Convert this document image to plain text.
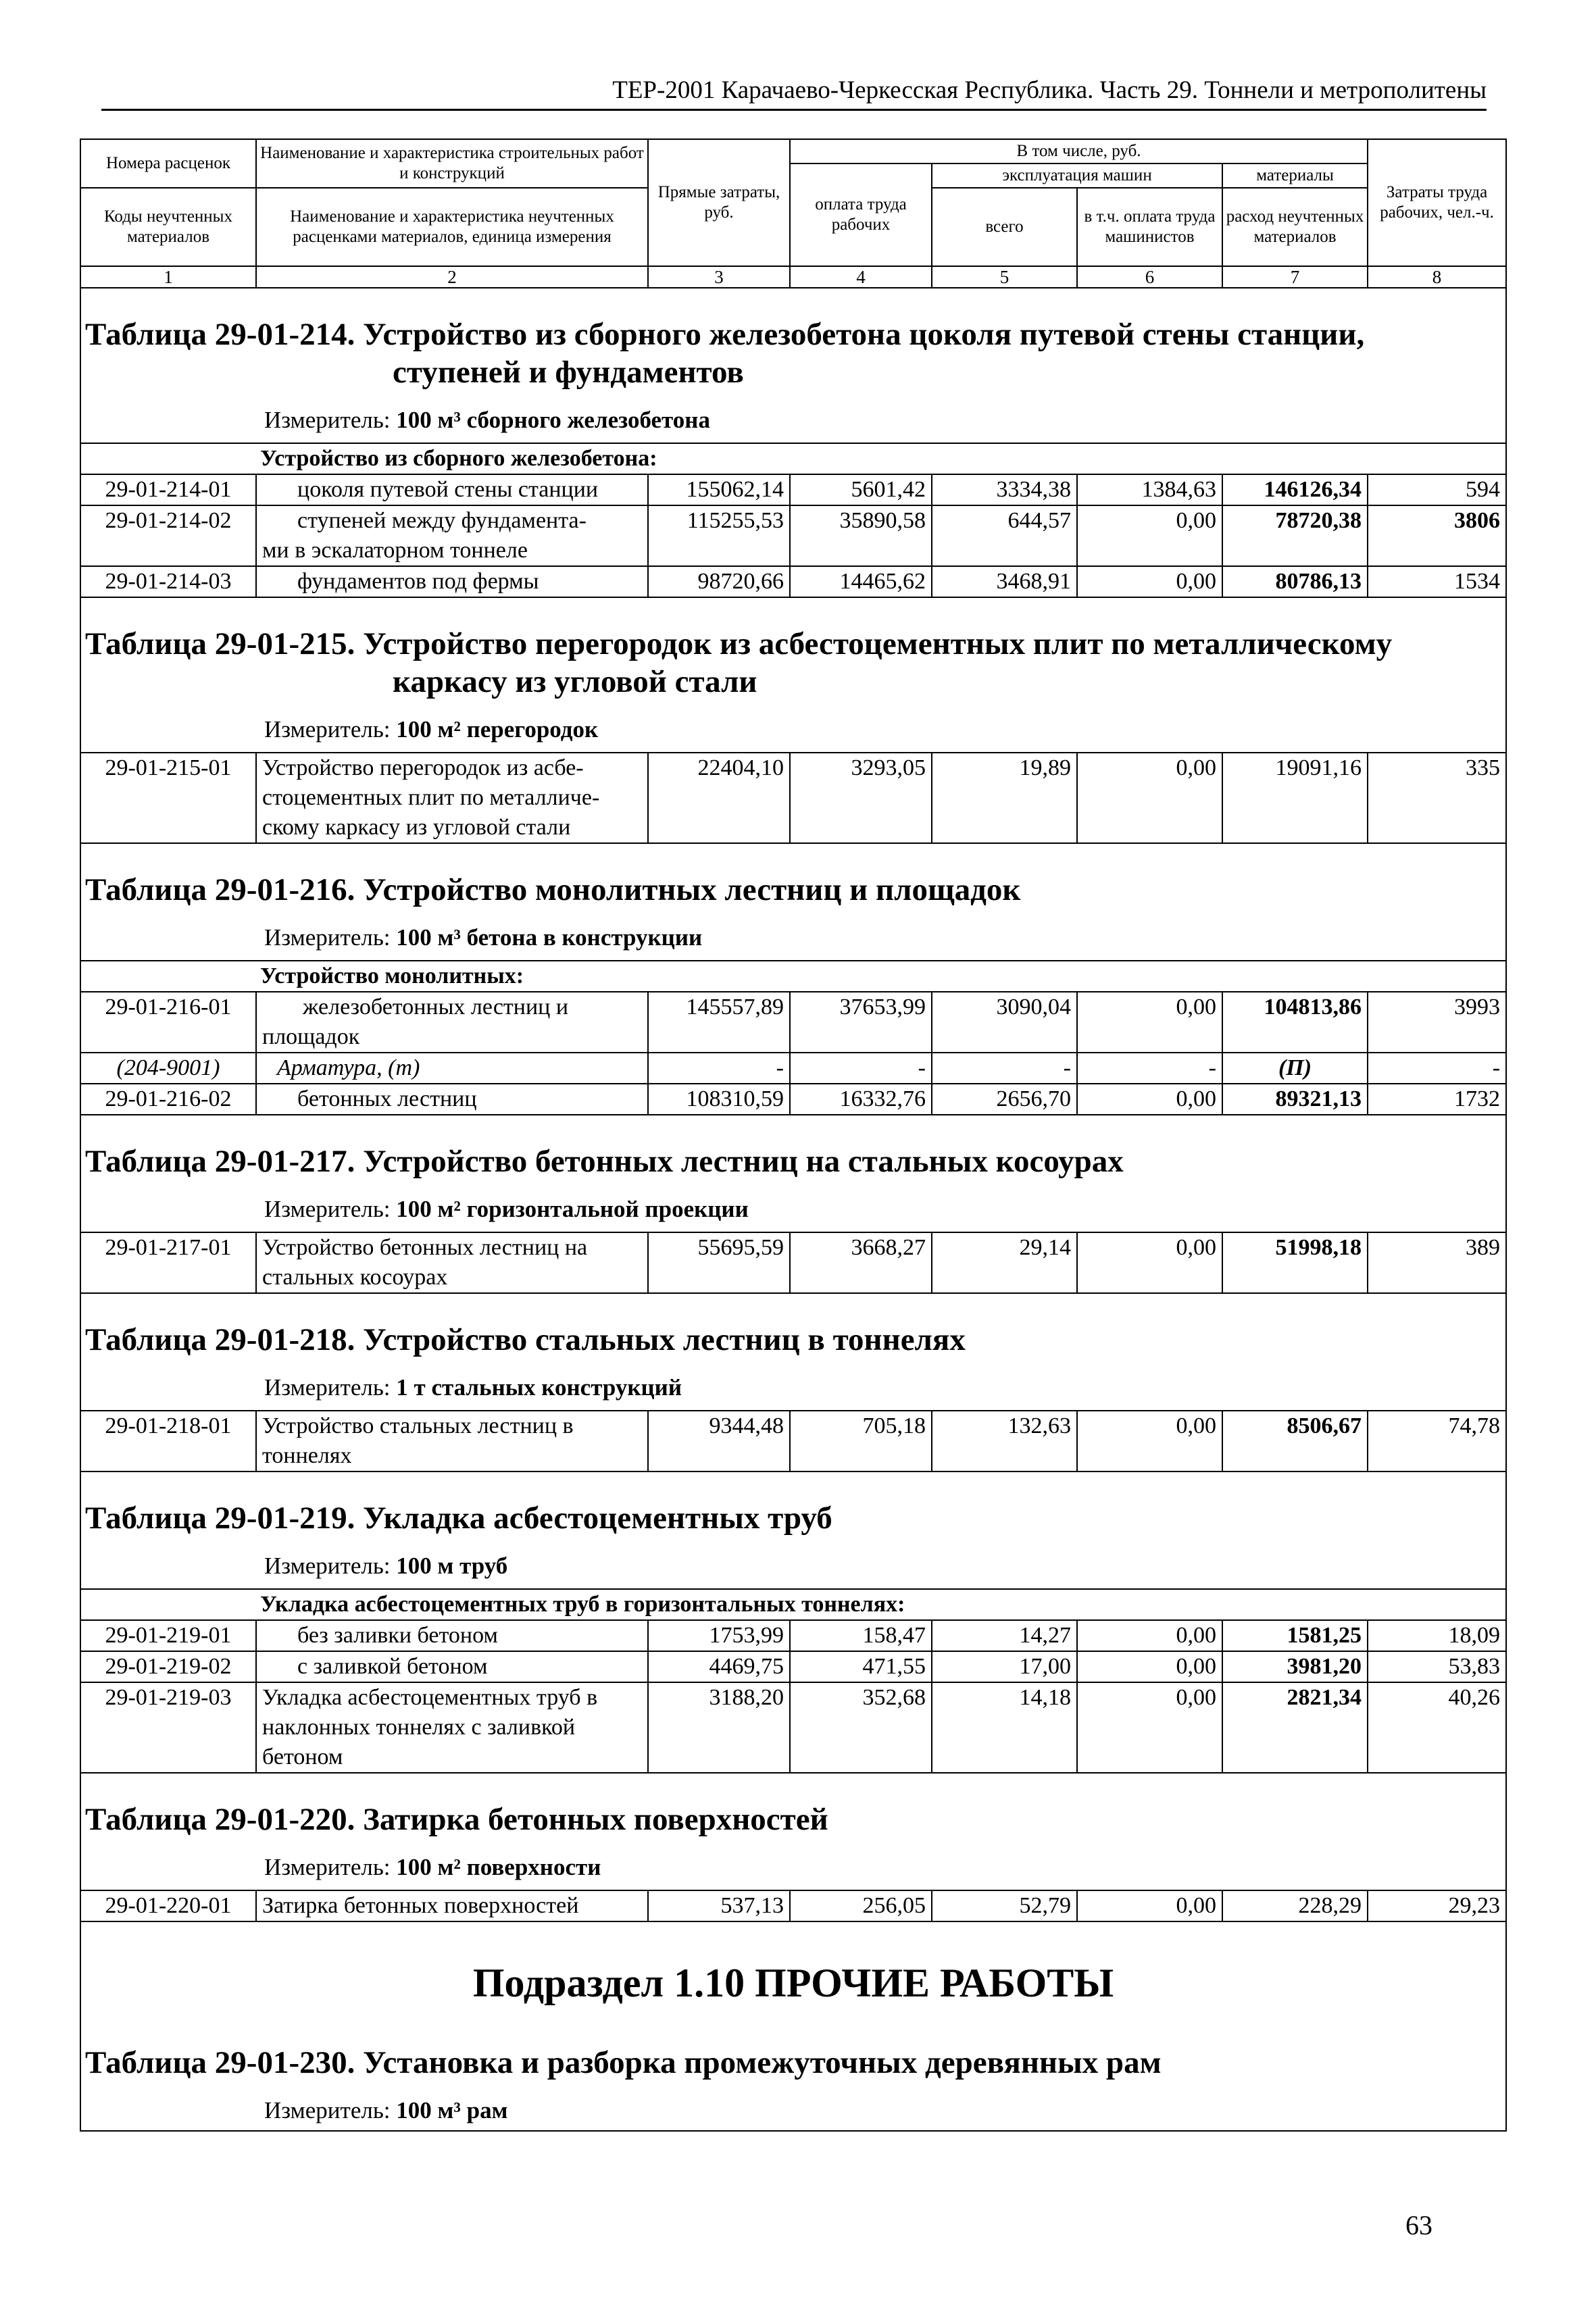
ТЕР-2001 Карачаево-Черкесская Республика. Часть 29. Тоннели и метрополитены
Номера расценок	Наименование и характеристика строительных работ и конструкций	Прямые затраты, руб.	В том числе, руб.				Затраты труда рабочих, чел.-ч.
			оплата труда рабочих	эксплуатация машин		материалы	
Коды неучтенных материалов	Наименование и характеристика неучтенных расценками материалов, единица измерения			всего	в т.ч. оплата труда машинистов	расход неучтенных материалов	

1	2	3	4	5	6	7	8

Таблица 29-01-214. Устройство из сборного железобетона цоколя путевой стены станции,
ступеней и фундаментов
Измеритель: 100 м³ сборного железобетона							

Устройство из сборного железобетона:							
29-01-214-01	цоколя путевой стены станции	155062,14	5601,42	3334,38	1384,63	146126,34	594
29-01-214-02	ступеней между фундамента-
ми в эскалаторном тоннеле	115255,53	35890,58	644,57	0,00	78720,38	3806
29-01-214-03	фундаментов под фермы	98720,66	14465,62	3468,91	0,00	80786,13	1534

Таблица 29-01-215. Устройство перегородок из асбестоцементных плит по металлическому
каркасу из угловой стали
Измеритель: 100 м² перегородок							

29-01-215-01	Устройство перегородок из асбе-
стоцементных плит по металличе-
скому каркасу из угловой стали	22404,10	3293,05	19,89	0,00	19091,16	335

Таблица 29-01-216. Устройство монолитных лестниц и площадок
Измеритель: 100 м³ бетона в конструкции							

Устройство монолитных:							
29-01-216-01	железобетонных лестниц и
площадок	145557,89	37653,99	3090,04	0,00	104813,86	3993
(204-9001)	Арматура, (т)	-	-	-	-	(П)	-
29-01-216-02	бетонных лестниц	108310,59	16332,76	2656,70	0,00	89321,13	1732

Таблица 29-01-217. Устройство бетонных лестниц на стальных косоурах
Измеритель: 100 м² горизонтальной проекции							

29-01-217-01	Устройство бетонных лестниц на
стальных косоурах	55695,59	3668,27	29,14	0,00	51998,18	389

Таблица 29-01-218. Устройство стальных лестниц в тоннелях
Измеритель: 1 т стальных конструкций							

29-01-218-01	Устройство стальных лестниц в
тоннелях	9344,48	705,18	132,63	0,00	8506,67	74,78

Таблица 29-01-219. Укладка асбестоцементных труб
Измеритель: 100 м труб							

Укладка асбестоцементных труб в горизонтальных тоннелях:							
29-01-219-01	без заливки бетоном	1753,99	158,47	14,27	0,00	1581,25	18,09
29-01-219-02	с заливкой бетоном	4469,75	471,55	17,00	0,00	3981,20	53,83
29-01-219-03	Укладка асбестоцементных труб в
наклонных тоннелях с заливкой
бетоном	3188,20	352,68	14,18	0,00	2821,34	40,26

Таблица 29-01-220. Затирка бетонных поверхностей
Измеритель: 100 м² поверхности							

29-01-220-01	Затирка бетонных поверхностей	537,13	256,05	52,79	0,00	228,29	29,23

Подраздел 1.10 ПРОЧИЕ РАБОТЫ
Таблица 29-01-230. Установка и разборка промежуточных деревянных рам
Измеритель: 100 м³ рам							
63
